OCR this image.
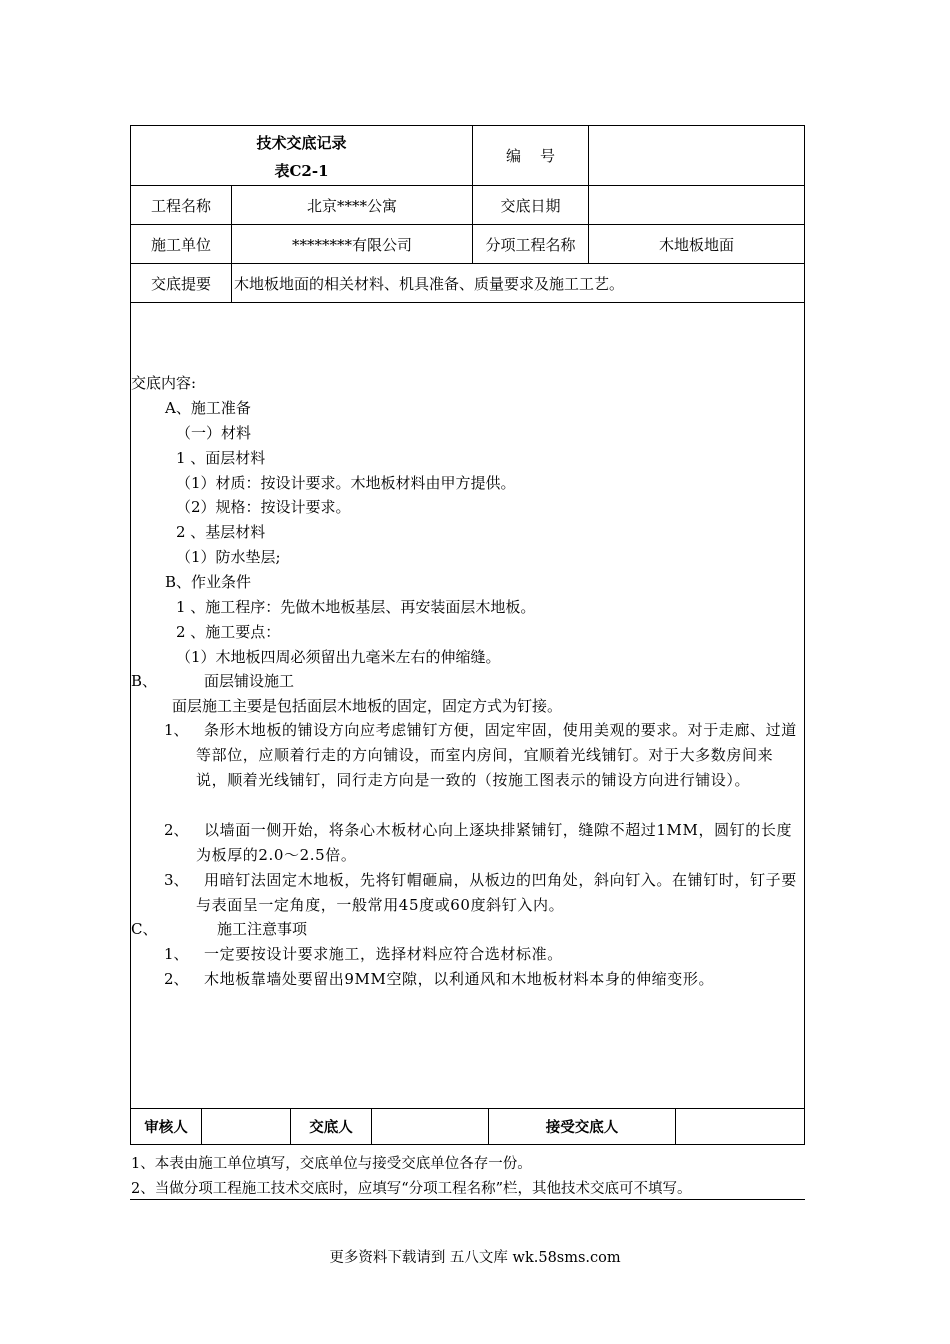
技术交底记录
表C2-1
编    号
工程名称	北京****公寓	交底日期
施工单位	********有限公司	分项工程名称	木地板地面
交底提要	木地板地面的相关材料、机具准备、质量要求及施工工艺。
交底内容:
A、施工准备
（一）材料
1 、面层材料
（1）材质：按设计要求。木地板材料由甲方提供。
（2）规格：按设计要求。
2 、基层材料
（1）防水垫层;
B、作业条件
1 、施工程序：先做木地板基层、再安装面层木地板。
2 、施工要点：
（1）木地板四周必须留出九毫米左右的伸缩缝。
B、	面层铺设施工
面层施工主要是包括面层木地板的固定，固定方式为钉接。
1、	条形木地板的铺设方向应考虑铺钉方便，固定牢固，使用美观的要求。对于走廊、过道等部位，应顺着行走的方向铺设，而室内房间，宜顺着光线铺钉。对于大多数房间来说，顺着光线铺钉，同行走方向是一致的（按施工图表示的铺设方向进行铺设）。
2、	以墙面一侧开始，将条心木板材心向上逐块排紧铺钉，缝隙不超过1MM，圆钉的长度为板厚的2.0～2.5倍。
3、	用暗钉法固定木地板，先将钉帽砸扁，从板边的凹角处，斜向钉入。在铺钉时，钉子要与表面呈一定角度，一般常用45度或60度斜钉入内。
C、	施工注意事项
1、	一定要按设计要求施工，选择材料应符合选材标准。
2、	木地板靠墙处要留出9MM空隙，以利通风和木地板材料本身的伸缩变形。
审核人	交底人	接受交底人
1、本表由施工单位填写，交底单位与接受交底单位各存一份。
2、当做分项工程施工技术交底时，应填写“分项工程名称”栏，其他技术交底可不填写。
更多资料下载请到 五八文库 wk.58sms.com
